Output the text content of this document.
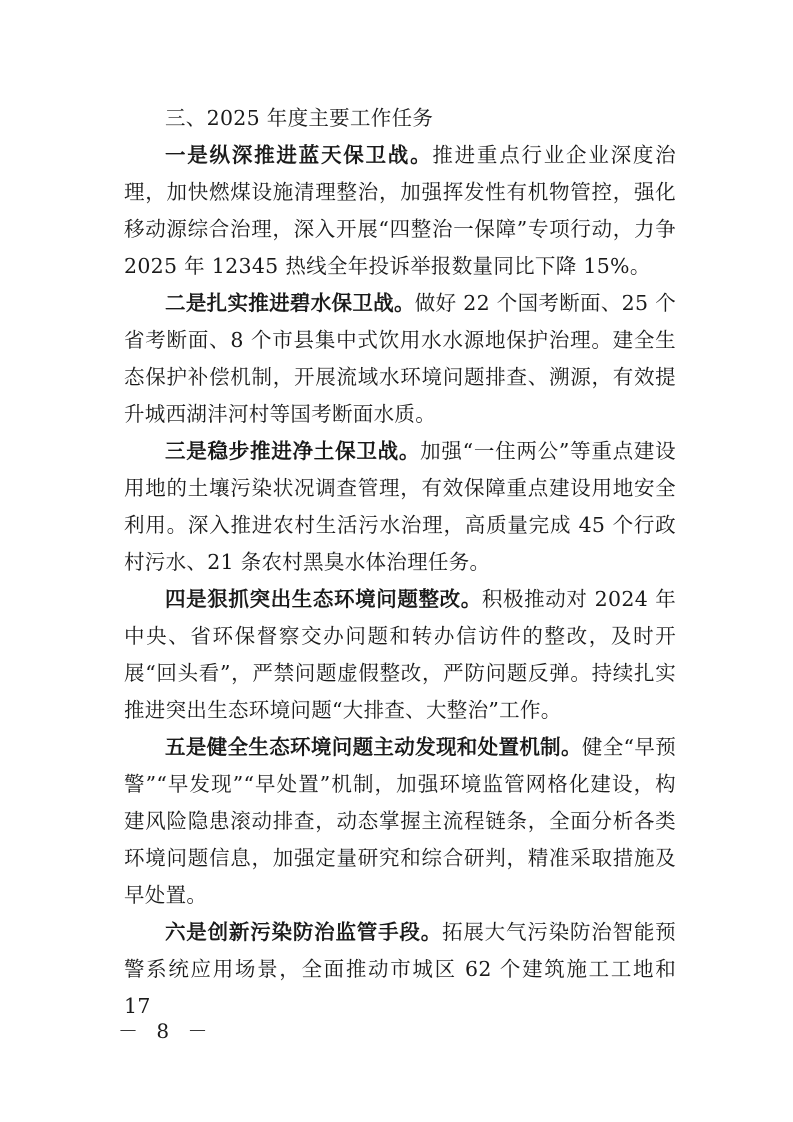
三、2025 年度主要工作任务

一是纵深推进蓝天保卫战。推进重点行业企业深度治理，加快燃煤设施清理整治，加强挥发性有机物管控，强化移动源综合治理，深入开展“四整治一保障”专项行动，力争 2025 年 12345 热线全年投诉举报数量同比下降 15%。

二是扎实推进碧水保卫战。做好 22 个国考断面、25 个省考断面、8 个市县集中式饮用水水源地保护治理。建全生态保护补偿机制，开展流域水环境问题排查、溯源，有效提升城西湖沣河村等国考断面水质。

三是稳步推进净土保卫战。加强“一住两公”等重点建设用地的土壤污染状况调查管理，有效保障重点建设用地安全利用。深入推进农村生活污水治理，高质量完成 45 个行政村污水、21 条农村黑臭水体治理任务。

四是狠抓突出生态环境问题整改。积极推动对 2024 年中央、省环保督察交办问题和转办信访件的整改，及时开展“回头看”，严禁问题虚假整改，严防问题反弹。持续扎实推进突出生态环境问题“大排查、大整治”工作。

五是健全生态环境问题主动发现和处置机制。健全“早预警”“早发现”“早处置”机制，加强环境监管网格化建设，构建风险隐患滚动排查，动态掌握主流程链条，全面分析各类环境问题信息，加强定量研究和综合研判，精准采取措施及早处置。

六是创新污染防治监管手段。拓展大气污染防治智能预警系统应用场景，全面推动市城区 62 个建筑施工工地和 17

－ 8 －
